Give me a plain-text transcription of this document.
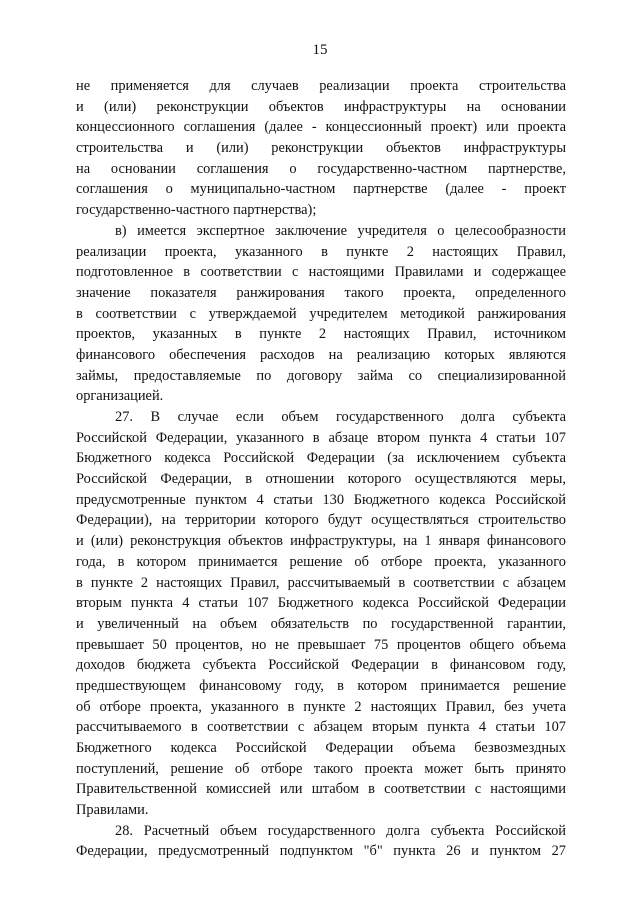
15
не применяется для случаев реализации проекта строительства
и (или) реконструкции объектов инфраструктуры на основании
концессионного соглашения (далее - концессионный проект) или проекта
строительства и (или) реконструкции объектов инфраструктуры
на основании соглашения о государственно-частном партнерстве,
соглашения о муниципально-частном партнерстве (далее - проект
государственно-частного партнерства);
в) имеется экспертное заключение учредителя о целесообразности
реализации проекта, указанного в пункте 2 настоящих Правил,
подготовленное в соответствии с настоящими Правилами и содержащее
значение показателя ранжирования такого проекта, определенного
в соответствии с утверждаемой учредителем методикой ранжирования
проектов, указанных в пункте 2 настоящих Правил, источником
финансового обеспечения расходов на реализацию которых являются
займы, предоставляемые по договору займа со специализированной
организацией.
27. В случае если объем государственного долга субъекта
Российской Федерации, указанного в абзаце втором пункта 4 статьи 107
Бюджетного кодекса Российской Федерации (за исключением субъекта
Российской Федерации, в отношении которого осуществляются меры,
предусмотренные пунктом 4 статьи 130 Бюджетного кодекса Российской
Федерации), на территории которого будут осуществляться строительство
и (или) реконструкция объектов инфраструктуры, на 1 января финансового
года, в котором принимается решение об отборе проекта, указанного
в пункте 2 настоящих Правил, рассчитываемый в соответствии с абзацем
вторым пункта 4 статьи 107 Бюджетного кодекса Российской Федерации
и увеличенный на объем обязательств по государственной гарантии,
превышает 50 процентов, но не превышает 75 процентов общего объема
доходов бюджета субъекта Российской Федерации в финансовом году,
предшествующем финансовому году, в котором принимается решение
об отборе проекта, указанного в пункте 2 настоящих Правил, без учета
рассчитываемого в соответствии с абзацем вторым пункта 4 статьи 107
Бюджетного кодекса Российской Федерации объема безвозмездных
поступлений, решение об отборе такого проекта может быть принято
Правительственной комиссией или штабом в соответствии с настоящими
Правилами.
28. Расчетный объем государственного долга субъекта Российской
Федерации, предусмотренный подпунктом "б" пункта 26 и пунктом 27
